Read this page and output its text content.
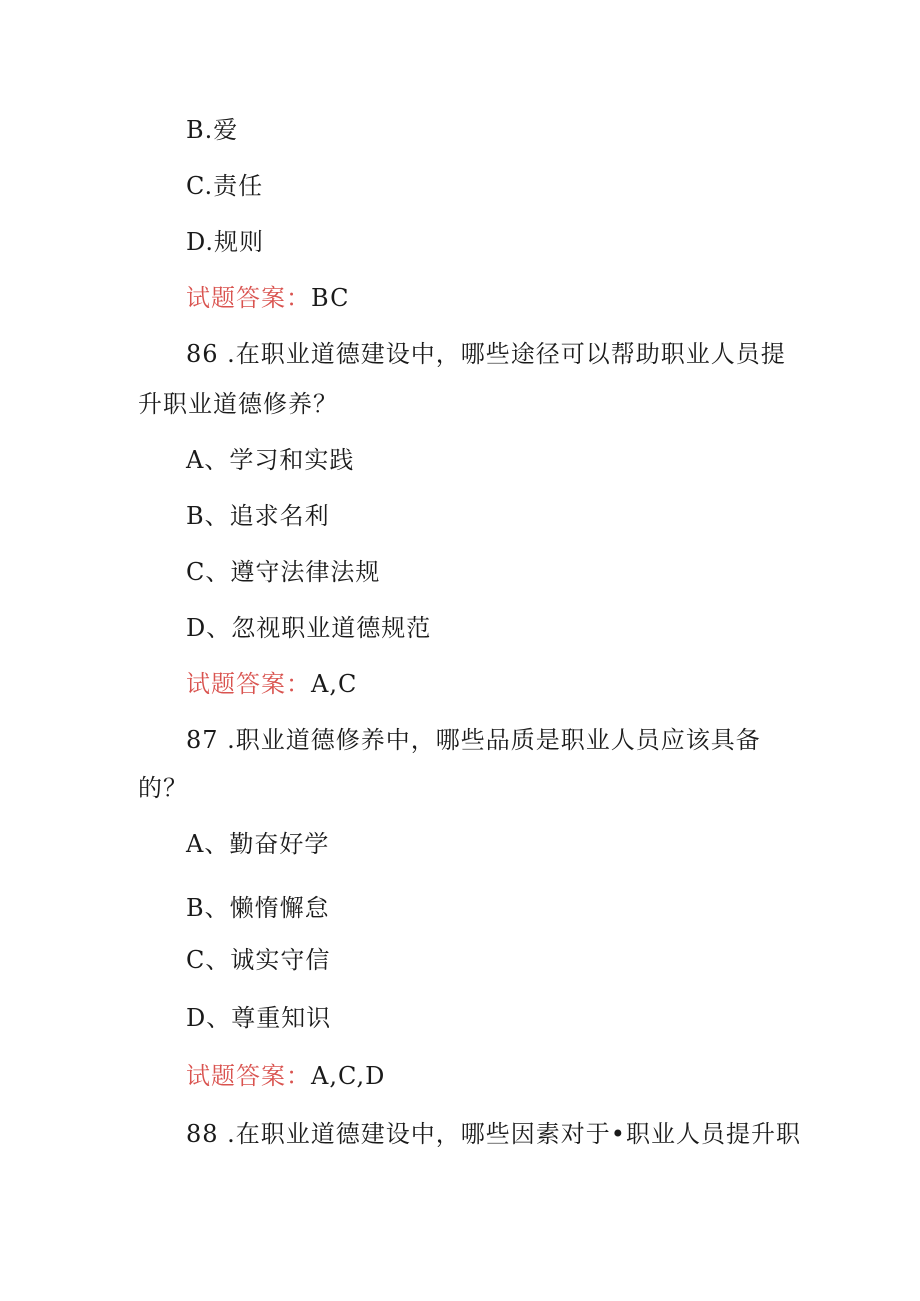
B.爱
C.责任
D.规则
试题答案：BC
86 .在职业道德建设中，哪些途径可以帮助职业人员提
升职业道德修养？
A、学习和实践
B、追求名利
C、遵守法律法规
D、忽视职业道德规范
试题答案：A,C
87 .职业道德修养中，哪些品质是职业人员应该具备
的？
A、勤奋好学
B、懒惰懈怠
C、诚实守信
D、尊重知识
试题答案：A,C,D
88 .在职业道德建设中，哪些因素对于•职业人员提升职
